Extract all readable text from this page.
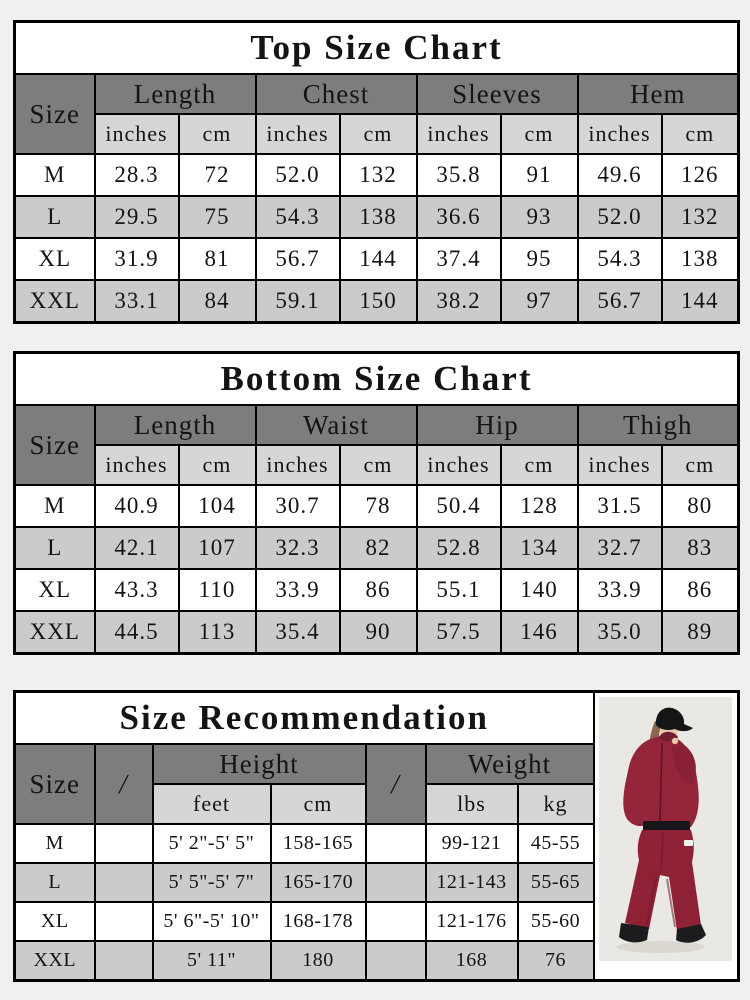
Top Size Chart								
Size	Length		Chest		Sleeves		Hem	
	inches	cm	inches	cm	inches	cm	inches	cm
M	28.3	72	52.0	132	35.8	91	49.6	126
L	29.5	75	54.3	138	36.6	93	52.0	132
XL	31.9	81	56.7	144	37.4	95	54.3	138
XXL	33.1	84	59.1	150	38.2	97	56.7	144
Bottom Size Chart								
Size	Length		Waist		Hip		Thigh	
	inches	cm	inches	cm	inches	cm	inches	cm
M	40.9	104	30.7	78	50.4	128	31.5	80
L	42.1	107	32.3	82	52.8	134	32.7	83
XL	43.3	110	33.9	86	55.1	140	33.9	86
XXL	44.5	113	35.4	90	57.5	146	35.0	89
Size Recommendation	

Size	/	Height		/	Weight		
		feet	cm		lbs	kg	
M		5' 2"-5' 5"	158-165		99-121	45-55	
L		5' 5"-5' 7"	165-170		121-143	55-65	
XL		5' 6"-5' 10"	168-178		121-176	55-60	
XXL		5' 11"	180		168	76	
